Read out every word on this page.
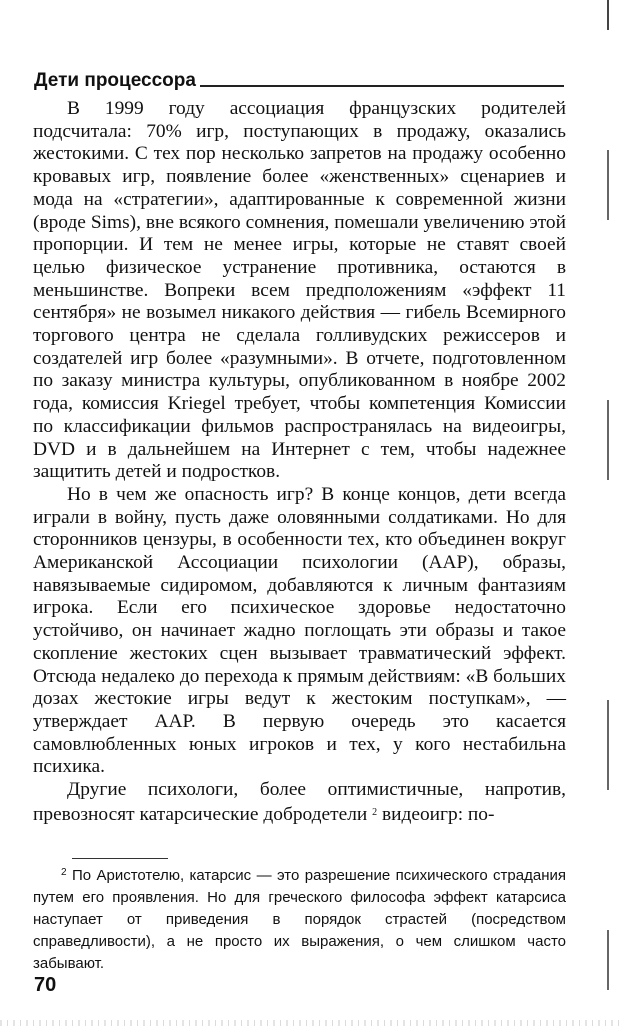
Дети процессора

В 1999 году ассоциация французских родителей подсчитала: 70% игр, поступающих в продажу, оказались жестокими. С тех пор несколько запретов на продажу особенно кровавых игр, появление более «женственных» сценариев и мода на «стратегии», адаптированные к современной жизни (вроде Sims), вне всякого сомнения, помешали увеличению этой пропорции. И тем не менее игры, которые не ставят своей целью физическое устранение противника, остаются в меньшинстве. Вопреки всем предположениям «эффект 11 сентября» не возымел никакого действия — гибель Всемирного торгового центра не сделала голливудских режиссеров и создателей игр более «разумными». В отчете, подготовленном по заказу министра культуры, опубликованном в ноябре 2002 года, комиссия Kriegel требует, чтобы компетенция Комиссии по классификации фильмов распространялась на видеоигры, DVD и в дальнейшем на Интернет с тем, чтобы надежнее защитить детей и подростков.

Но в чем же опасность игр? В конце концов, дети всегда играли в войну, пусть даже оловянными солдатиками. Но для сторонников цензуры, в особенности тех, кто объединен вокруг Американской Ассоциации психологии (ААР), образы, навязываемые сидиромом, добавляются к личным фантазиям игрока. Если его психическое здоровье недостаточно устойчиво, он начинает жадно поглощать эти образы и такое скопление жестоких сцен вызывает травматический эффект. Отсюда недалеко до перехода к прямым действиям: «В больших дозах жестокие игры ведут к жестоким поступкам», — утверждает ААР. В первую очередь это касается самовлюбленных юных игроков и тех, у кого нестабильна психика.

Другие психологи, более оптимистичные, напротив, превозносят катарсические добродетели $^2$ видеоигр: по-

$^2$ По Аристотелю, катарсис — это разрешение психического страдания путем его проявления. Но для греческого философа эффект катарсиса наступает от приведения в порядок страстей (посредством справедливости), а не просто их выражения, о чем слишком часто забывают.

70
